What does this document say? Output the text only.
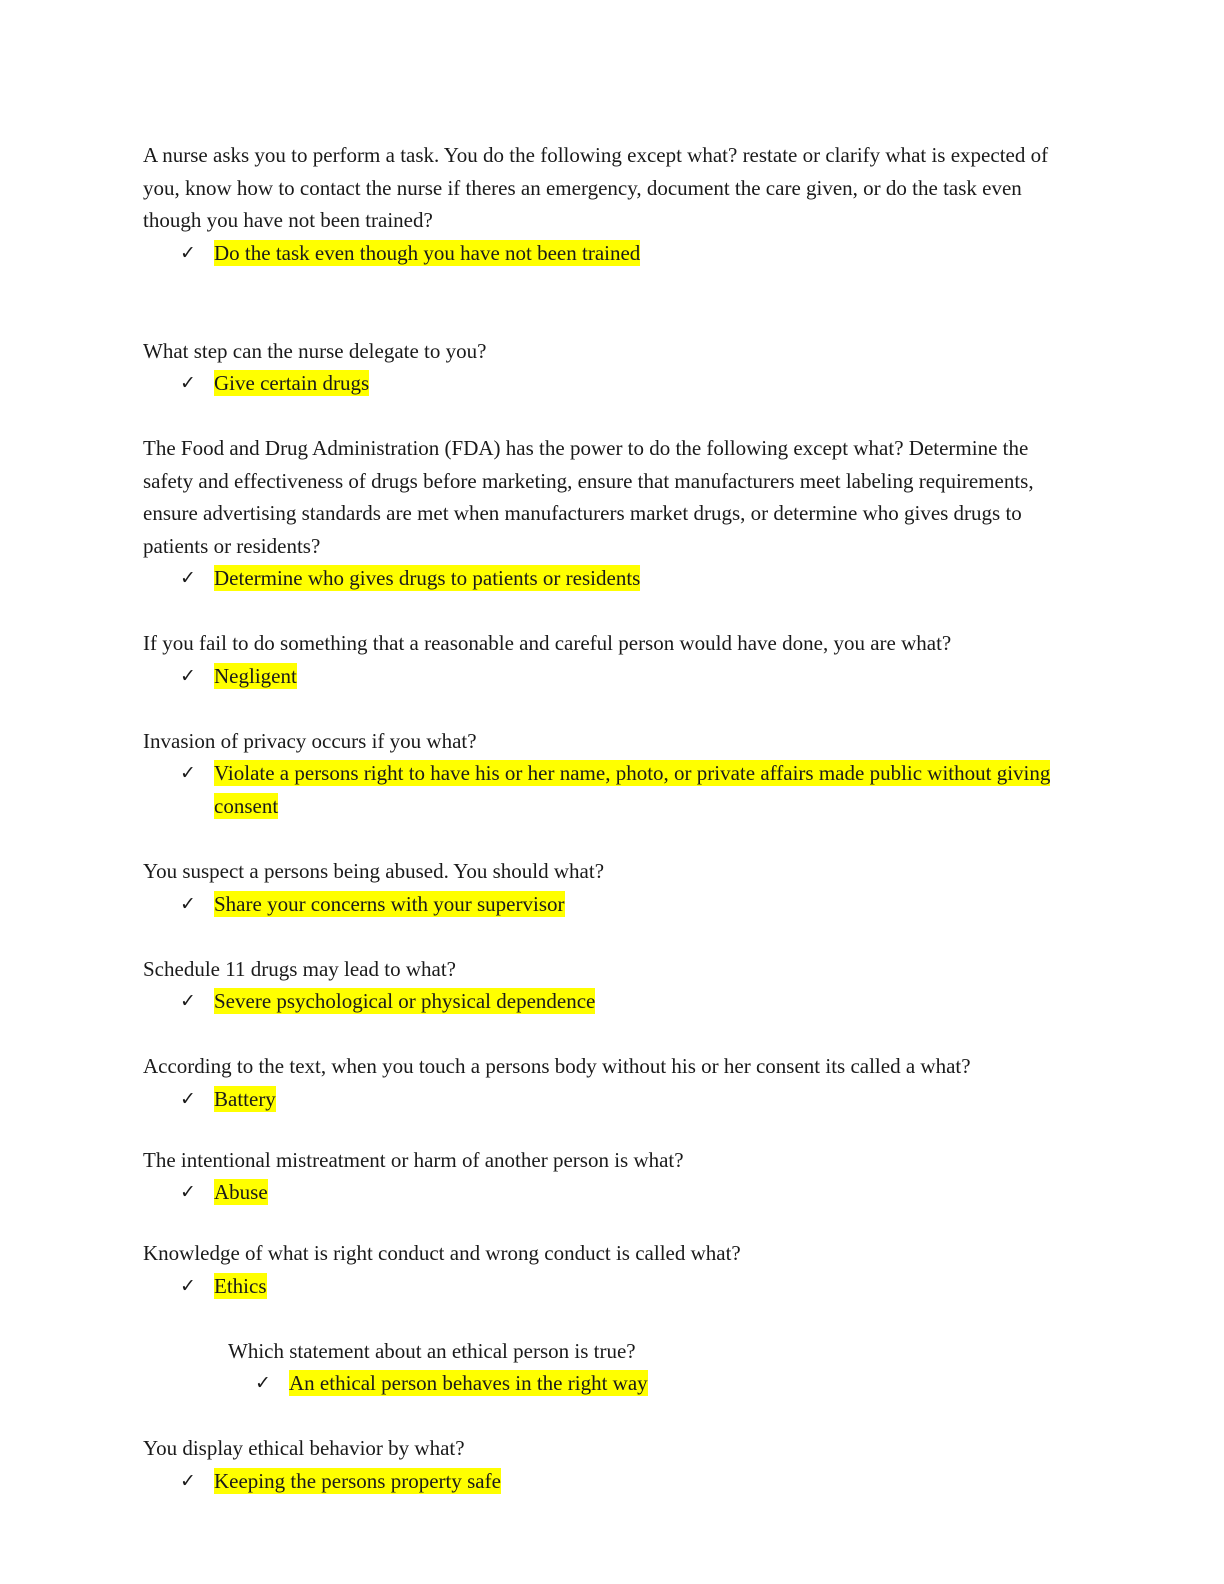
A nurse asks you to perform a task. You do the following except what? restate or clarify what is expected of you, know how to contact the nurse if theres an emergency, document the care given, or do the task even though you have not been trained?

✓ Do the task even though you have not been trained

What step can the nurse delegate to you?

✓ Give certain drugs

The Food and Drug Administration (FDA) has the power to do the following except what? Determine the safety and effectiveness of drugs before marketing, ensure that manufacturers meet labeling requirements, ensure advertising standards are met when manufacturers market drugs, or determine who gives drugs to patients or residents?

✓ Determine who gives drugs to patients or residents

If you fail to do something that a reasonable and careful person would have done, you are what?

✓ Negligent

Invasion of privacy occurs if you what?

✓ Violate a persons right to have his or her name, photo, or private affairs made public without giving consent

You suspect a persons being abused. You should what?

✓ Share your concerns with your supervisor

Schedule 11 drugs may lead to what?

✓ Severe psychological or physical dependence

According to the text, when you touch a persons body without his or her consent its called a what?

✓ Battery

The intentional mistreatment or harm of another person is what?

✓ Abuse

Knowledge of what is right conduct and wrong conduct is called what?

✓ Ethics

Which statement about an ethical person is true?

✓ An ethical person behaves in the right way

You display ethical behavior by what?

✓ Keeping the persons property safe
